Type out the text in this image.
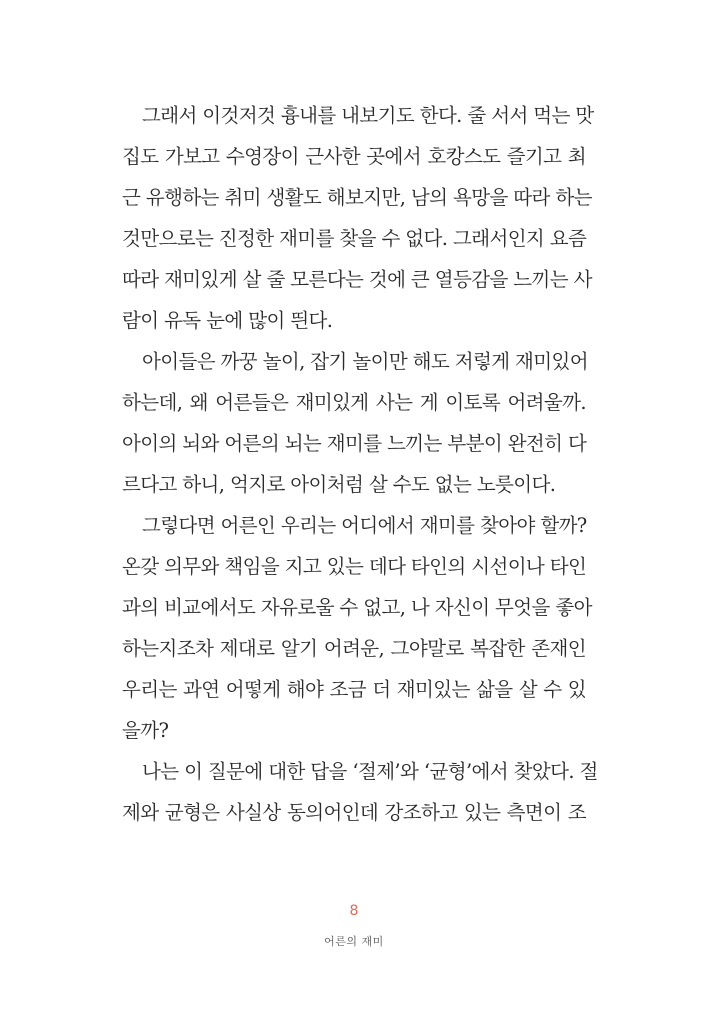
그래서 이것저것 흉내를 내보기도 한다. 줄 서서 먹는 맛
집도 가보고 수영장이 근사한 곳에서 호캉스도 즐기고 최
근 유행하는 취미 생활도 해보지만, 남의 욕망을 따라 하는
것만으로는 진정한 재미를 찾을 수 없다. 그래서인지 요즘
따라 재미있게 살 줄 모른다는 것에 큰 열등감을 느끼는 사
람이 유독 눈에 많이 띈다.
아이들은 까꿍 놀이, 잡기 놀이만 해도 저렇게 재미있어
하는데, 왜 어른들은 재미있게 사는 게 이토록 어려울까.
아이의 뇌와 어른의 뇌는 재미를 느끼는 부분이 완전히 다
르다고 하니, 억지로 아이처럼 살 수도 없는 노릇이다.
그렇다면 어른인 우리는 어디에서 재미를 찾아야 할까?
온갖 의무와 책임을 지고 있는 데다 타인의 시선이나 타인
과의 비교에서도 자유로울 수 없고, 나 자신이 무엇을 좋아
하는지조차 제대로 알기 어려운, 그야말로 복잡한 존재인
우리는 과연 어떻게 해야 조금 더 재미있는 삶을 살 수 있
을까?
나는 이 질문에 대한 답을 ‘절제’와 ‘균형’에서 찾았다. 절
제와 균형은 사실상 동의어인데 강조하고 있는 측면이 조
8
어른의 재미
